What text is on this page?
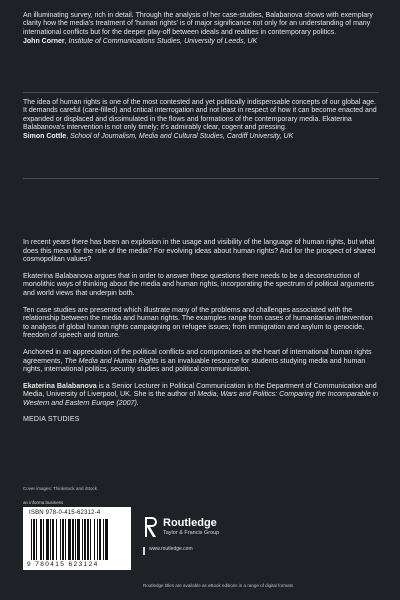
An illuminating survey, rich in detail. Through the analysis of her case-studies, Balabanova shows with exemplary clarity how the media's treatment of 'human rights' is of major significance not only for an understanding of many international conflicts but for the deeper play-off between ideals and realities in contemporary politics.

John Corner, Institute of Communications Studies, University of Leeds, UK

The idea of human rights is one of the most contested and yet politically indispensable concepts of our global age. It demands careful (care-filled) and critical interrogation and not least in respect of how it can become enacted and expanded or displaced and dissimulated in the flows and formations of the contemporary media. Ekaterina Balabanova's intervention is not only timely; it's admirably clear, cogent and pressing.

Simon Cottle, School of Journalism, Media and Cultural Studies, Cardiff University, UK

In recent years there has been an explosion in the usage and visibility of the language of human rights, but what does this mean for the role of the media? For evolving ideas about human rights? And for the prospect of shared cosmopolitan values?

Ekaterina Balabanova argues that in order to answer these questions there needs to be a deconstruction of monolithic ways of thinking about the media and human rights, incorporating the spectrum of political arguments and world views that underpin both.

Ten case studies are presented which illustrate many of the problems and challenges associated with the relationship between the media and human rights. The examples range from cases of humanitarian intervention to analysis of global human rights campaigning on refugee issues; from immigration and asylum to genocide, freedom of speech and torture.

Anchored in an appreciation of the political conflicts and compromises at the heart of international human rights agreements, The Media and Human Rights is an invaluable resource for students studying media and human rights, international politics, security studies and political communication.

Ekaterina Balabanova is a Senior Lecturer in Political Communication in the Department of Communication and Media, University of Liverpool, UK. She is the author of Media, Wars and Politics: Comparing the Incomparable in Western and Eastern Europe (2007).

MEDIA STUDIES
Cover images: Thinkstock and iStock
an informa business
ISBN 978-0-415-62312-4
9 780415 623124
Routledge
Taylor & Francis Group
www.routledge.com
Routledge titles are available as eBook editions in a range of digital formats
